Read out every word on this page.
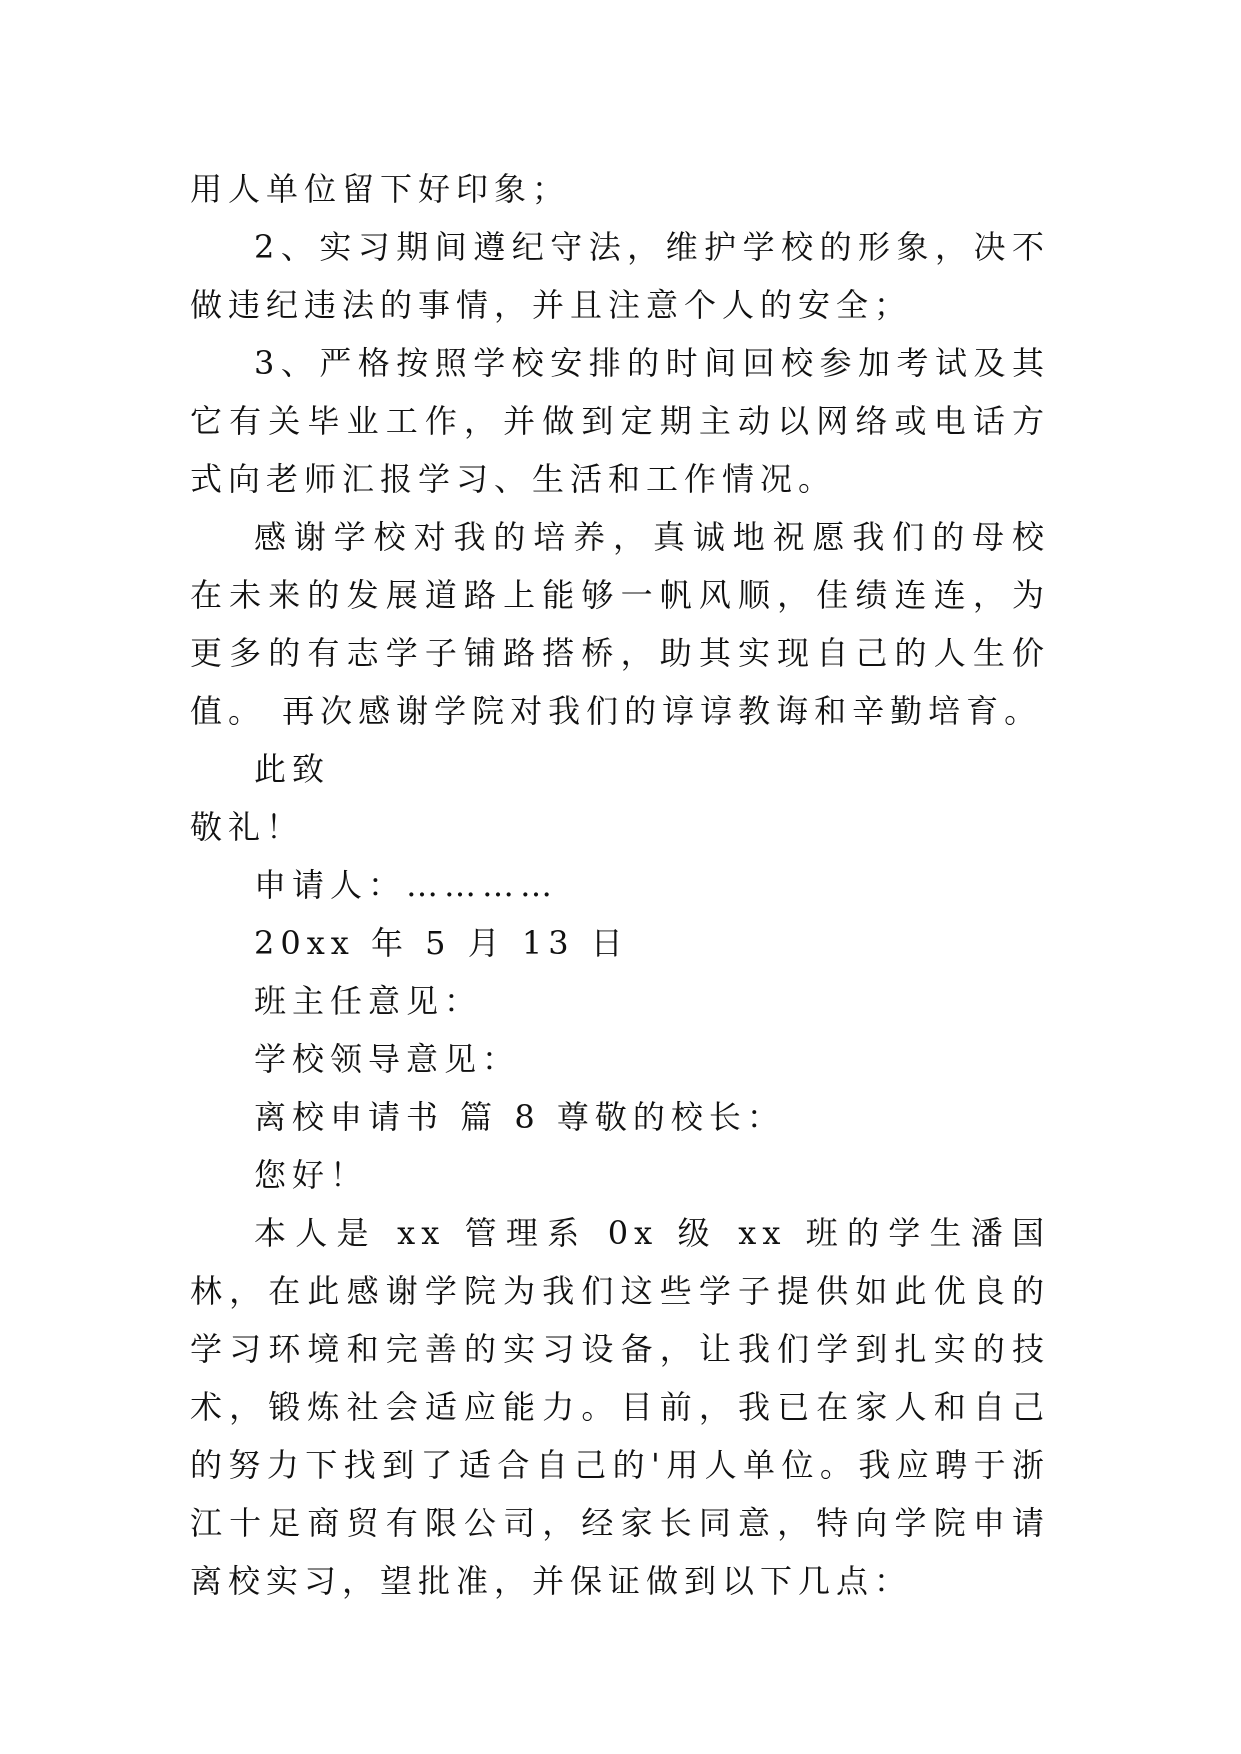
用人单位留下好印象；

2、实习期间遵纪守法，维护学校的形象，决不做违纪违法的事情，并且注意个人的安全；

3、严格按照学校安排的时间回校参加考试及其它有关毕业工作，并做到定期主动以网络或电话方式向老师汇报学习、生活和工作情况。

感谢学校对我的培养，真诚地祝愿我们的母校在未来的发展道路上能够一帆风顺，佳绩连连，为更多的有志学子铺路搭桥，助其实现自己的人生价值。 再次感谢学院对我们的谆谆教诲和辛勤培育。

此致

敬礼！

申请人：…………

20xx 年 5 月 13 日

班主任意见：

学校领导意见：

离校申请书 篇 8 尊敬的校长：

您好！

本人是 xx 管理系 0x 级 xx 班的学生潘国林，在此感谢学院为我们这些学子提供如此优良的学习环境和完善的实习设备，让我们学到扎实的技术，锻炼社会适应能力。目前，我已在家人和自己的努力下找到了适合自己的'用人单位。我应聘于浙江十足商贸有限公司，经家长同意，特向学院申请离校实习，望批准，并保证做到以下几点：
